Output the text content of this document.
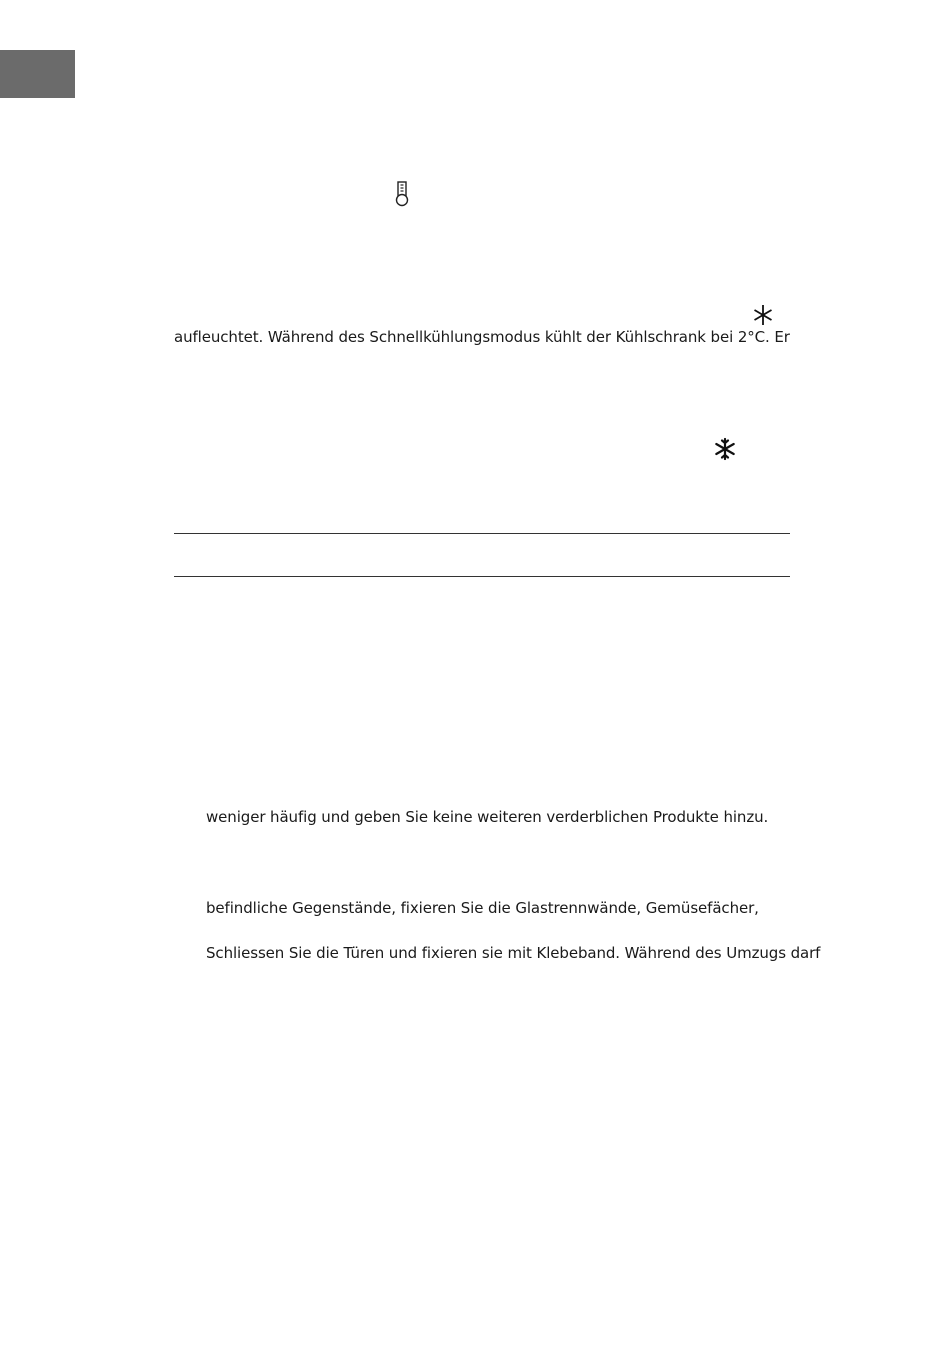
aufleuchtet. Während des Schnellkühlungsmodus kühlt der Kühlschrank bei 2°C. Er
weniger häufig und geben Sie keine weiteren verderblichen Produkte hinzu.
befindliche Gegenstände, fixieren Sie die Glastrennwände, Gemüsefächer,
Schliessen Sie die Türen und fixieren sie mit Klebeband. Während des Umzugs darf
